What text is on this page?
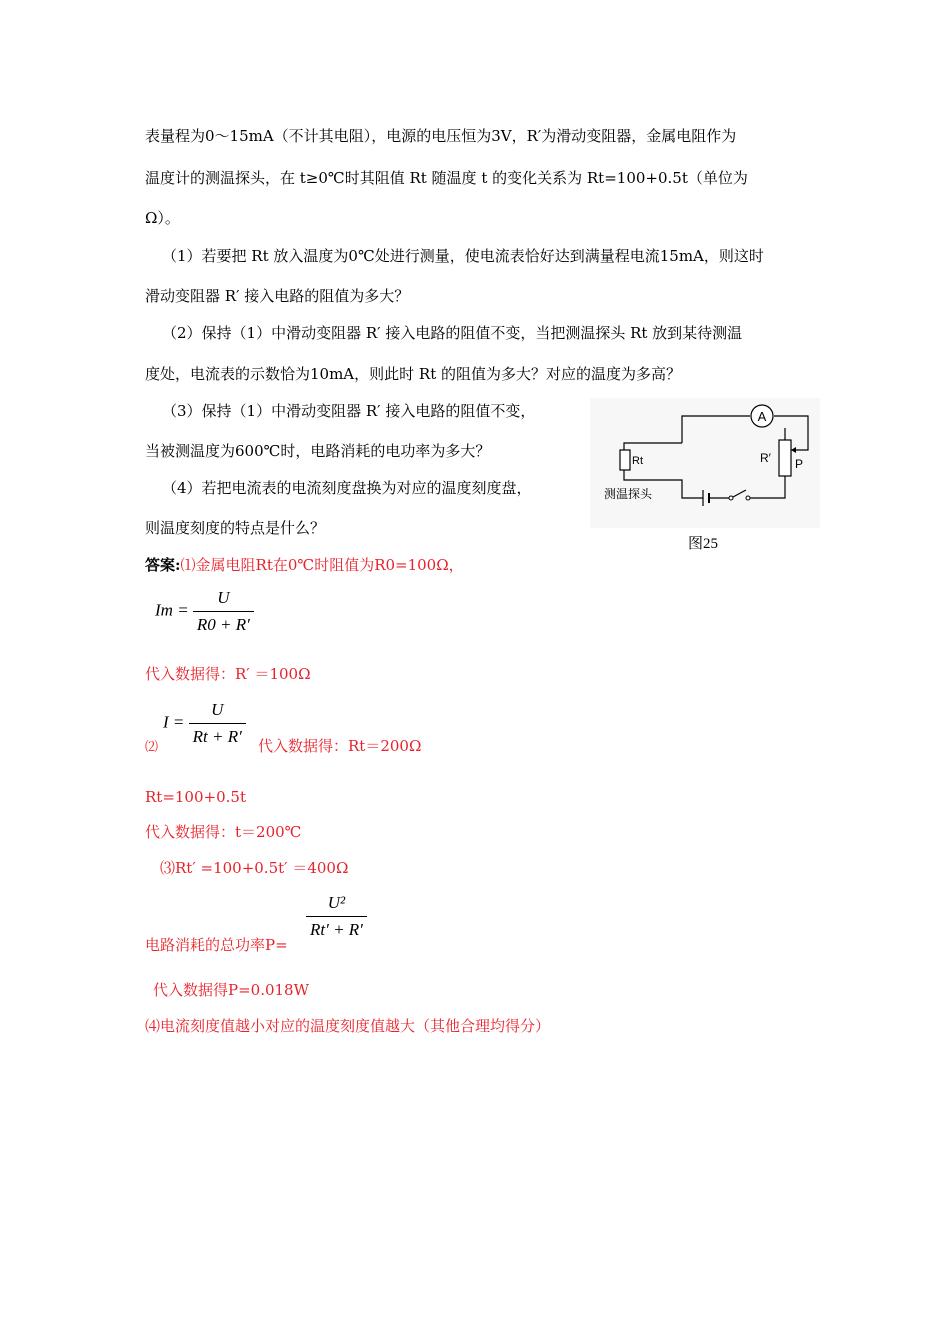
表量程为0～15mA（不计其电阻），电源的电压恒为3V，R′为滑动变阻器，金属电阻作为
温度计的测温探头，在 t≥0℃时其阻值 Rt 随温度 t 的变化关系为 Rt=100+0.5t（单位为
Ω）。
（1）若要把 Rt 放入温度为0℃处进行测量，使电流表恰好达到满量程电流15mA，则这时
滑动变阻器 R′ 接入电路的阻值为多大？
（2）保持（1）中滑动变阻器 R′ 接入电路的阻值不变，当把测温探头 Rt 放到某待测温
度处，电流表的示数恰为10mA，则此时 Rt 的阻值为多大？对应的温度为多高？
（3）保持（1）中滑动变阻器 R′ 接入电路的阻值不变，
当被测温度为600℃时，电路消耗的电功率为多大？
（4）若把电流表的电流刻度盘换为对应的温度刻度盘，
则温度刻度的特点是什么？
A
Rt
测温探头
R′ P
图25
答案:⑴金属电阻Rt在0℃时阻值为R0=100Ω，
$Im = \frac{U}{R0 + R'}$
代入数据得：R′ ＝100Ω
$I = \frac{U}{Rt + R'}$
⑵	代入数据得：Rt＝200Ω
Rt=100+0.5t
代入数据得：t＝200℃
⑶Rt′ =100+0.5t′ ＝400Ω
$\frac{\text{U²}}{Rt' + R'}$
电路消耗的总功率P=
代入数据得P=0.018W
⑷电流刻度值越小对应的温度刻度值越大（其他合理均得分）
